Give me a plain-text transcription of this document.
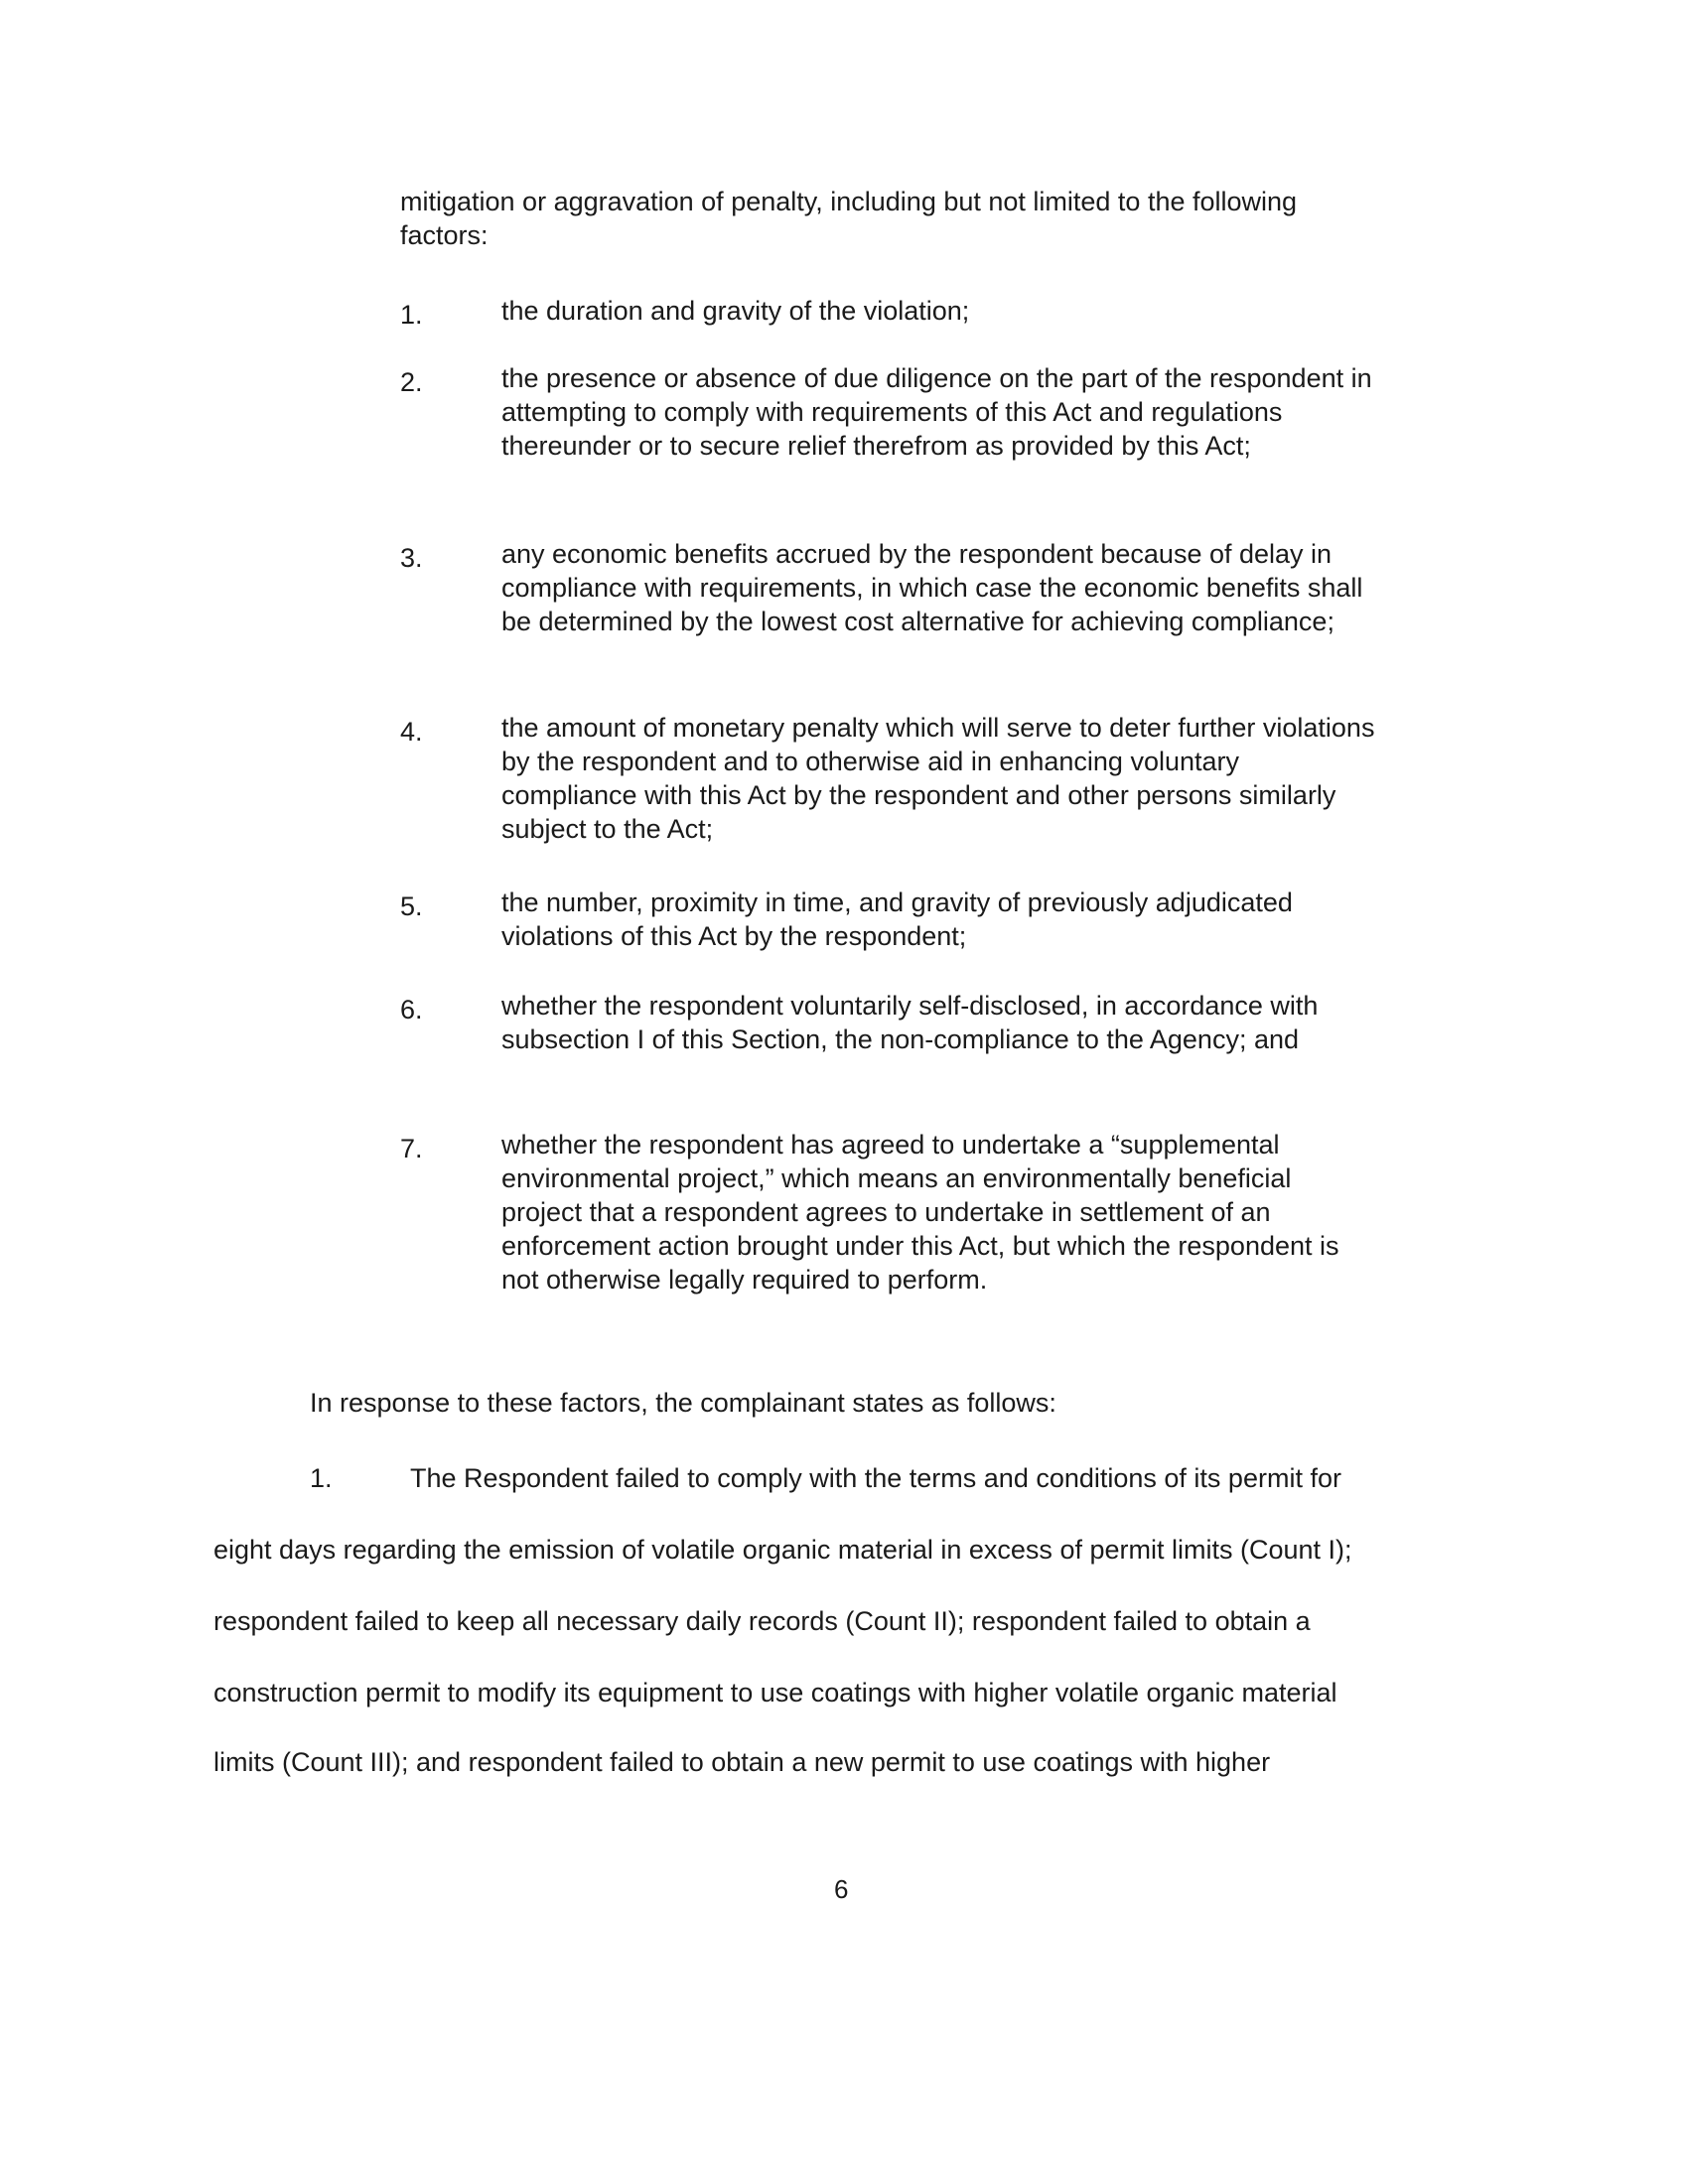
mitigation or aggravation of penalty, including but not limited to the following factors:
1.	the duration and gravity of the violation;
2.	the presence or absence of due diligence on the part of the respondent in attempting to comply with requirements of this Act and regulations thereunder or to secure relief therefrom as provided by this Act;
3.	any economic benefits accrued by the respondent because of delay in compliance with requirements, in which case the economic benefits shall be determined by the lowest cost alternative for achieving compliance;
4.	the amount of monetary penalty which will serve to deter further violations by the respondent and to otherwise aid in enhancing voluntary compliance with this Act by the respondent and other persons similarly subject to the Act;
5.	the number, proximity in time, and gravity of previously adjudicated violations of this Act by the respondent;
6.	whether the respondent voluntarily self-disclosed, in accordance with subsection I of this Section, the non-compliance to the Agency; and
7.	whether the respondent has agreed to undertake a “supplemental environmental project,” which means an environmentally beneficial project that a respondent agrees to undertake in settlement of an enforcement action brought under this Act, but which the respondent is not otherwise legally required to perform.
In response to these factors, the complainant states as follows:
1.	The Respondent failed to comply with the terms and conditions of its permit for
eight days regarding the emission of volatile organic material in excess of permit limits (Count I);
respondent failed to keep all necessary daily records (Count II); respondent failed to obtain a
construction permit to modify its equipment to use coatings with higher volatile organic material
limits (Count III); and respondent failed to obtain a new permit to use coatings with higher
6
